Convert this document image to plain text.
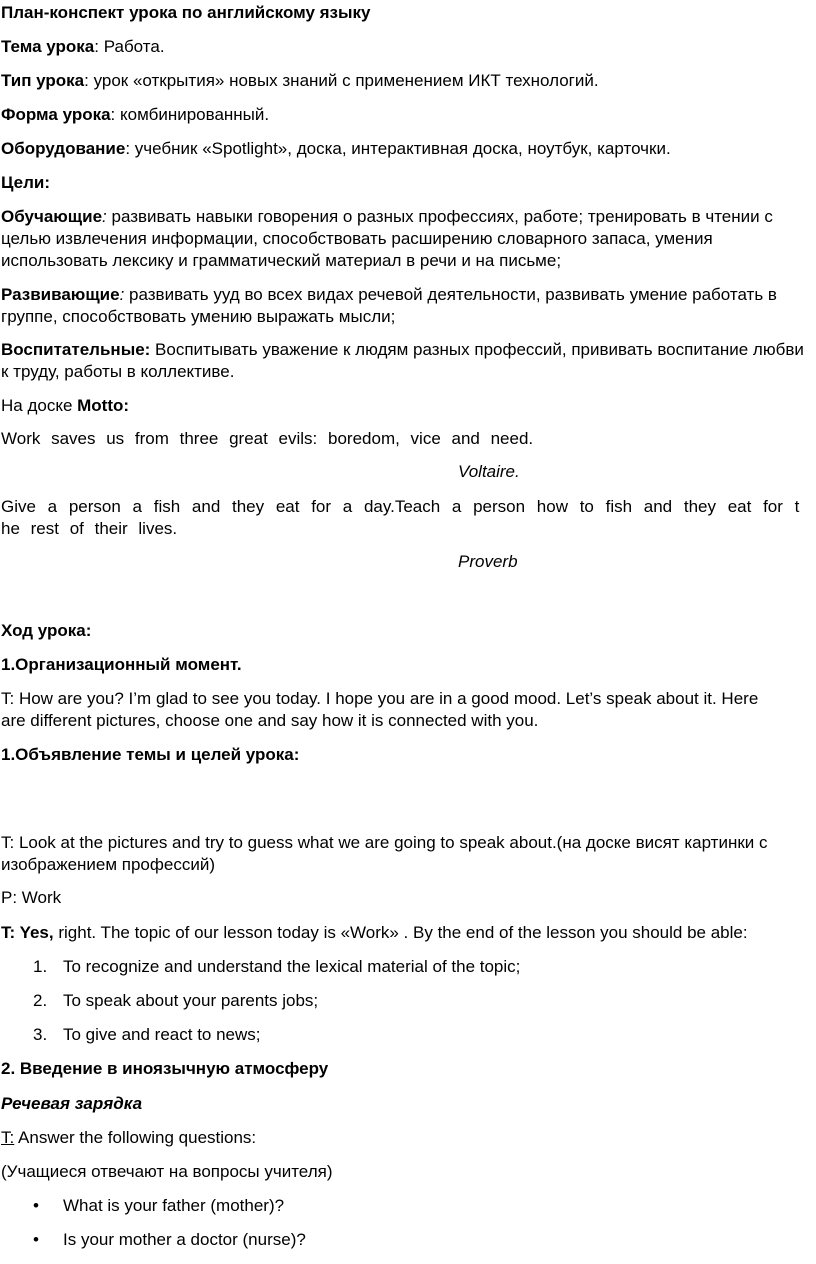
План-конспект урока по английскому языку
Тема урока: Работа.
Тип урока: урок «открытия» новых знаний с применением ИКТ технологий.
Форма урока: комбинированный.
Оборудование: учебник «Spotlight», доска, интерактивная доска, ноутбук, карточки.
Цели:
Обучающие: развивать навыки говорения о разных профессиях, работе; тренировать в чтении с целью извлечения информации, способствовать расширению словарного запаса, умения использовать лексику и грамматический материал в речи и на письме;
Развивающие: развивать ууд во всех видах речевой деятельности, развивать умение работать в группе, способствовать умению выражать мысли;
Воспитательные: Воспитывать уважение к людям разных профессий, прививать воспитание любви к труду, работы в коллективе.
На доске Motto:
Work saves us from three great evils: boredom, vice and need.
Voltaire.
Give a person a fish and they eat for a day.Teach a person how to fish and they eat for t
he rest of their lives.
Proverb
Ход урока:
1.Организационный момент.
T: How are you? I’m glad to see you today. I hope you are in a good mood. Let’s speak about it. Here are different pictures, choose one and say how it is connected with you.
1.Объявление темы и целей урока:
T: Look at the pictures and try to guess what we are going to speak about.(на доске висят картинки с изображением профессий)
P: Work
T: Yes, right. The topic of our lesson today is «Work» . By the end of the lesson you should be able:
1. To recognize and understand the lexical material of the topic;
2. To speak about your parents jobs;
3. To give and react to news;
2. Введение в иноязычную атмосферу
Речевая зарядка
T: Answer the following questions:
(Учащиеся отвечают на вопросы учителя)
•	What is your father (mother)?
•	Is your mother a doctor (nurse)?
